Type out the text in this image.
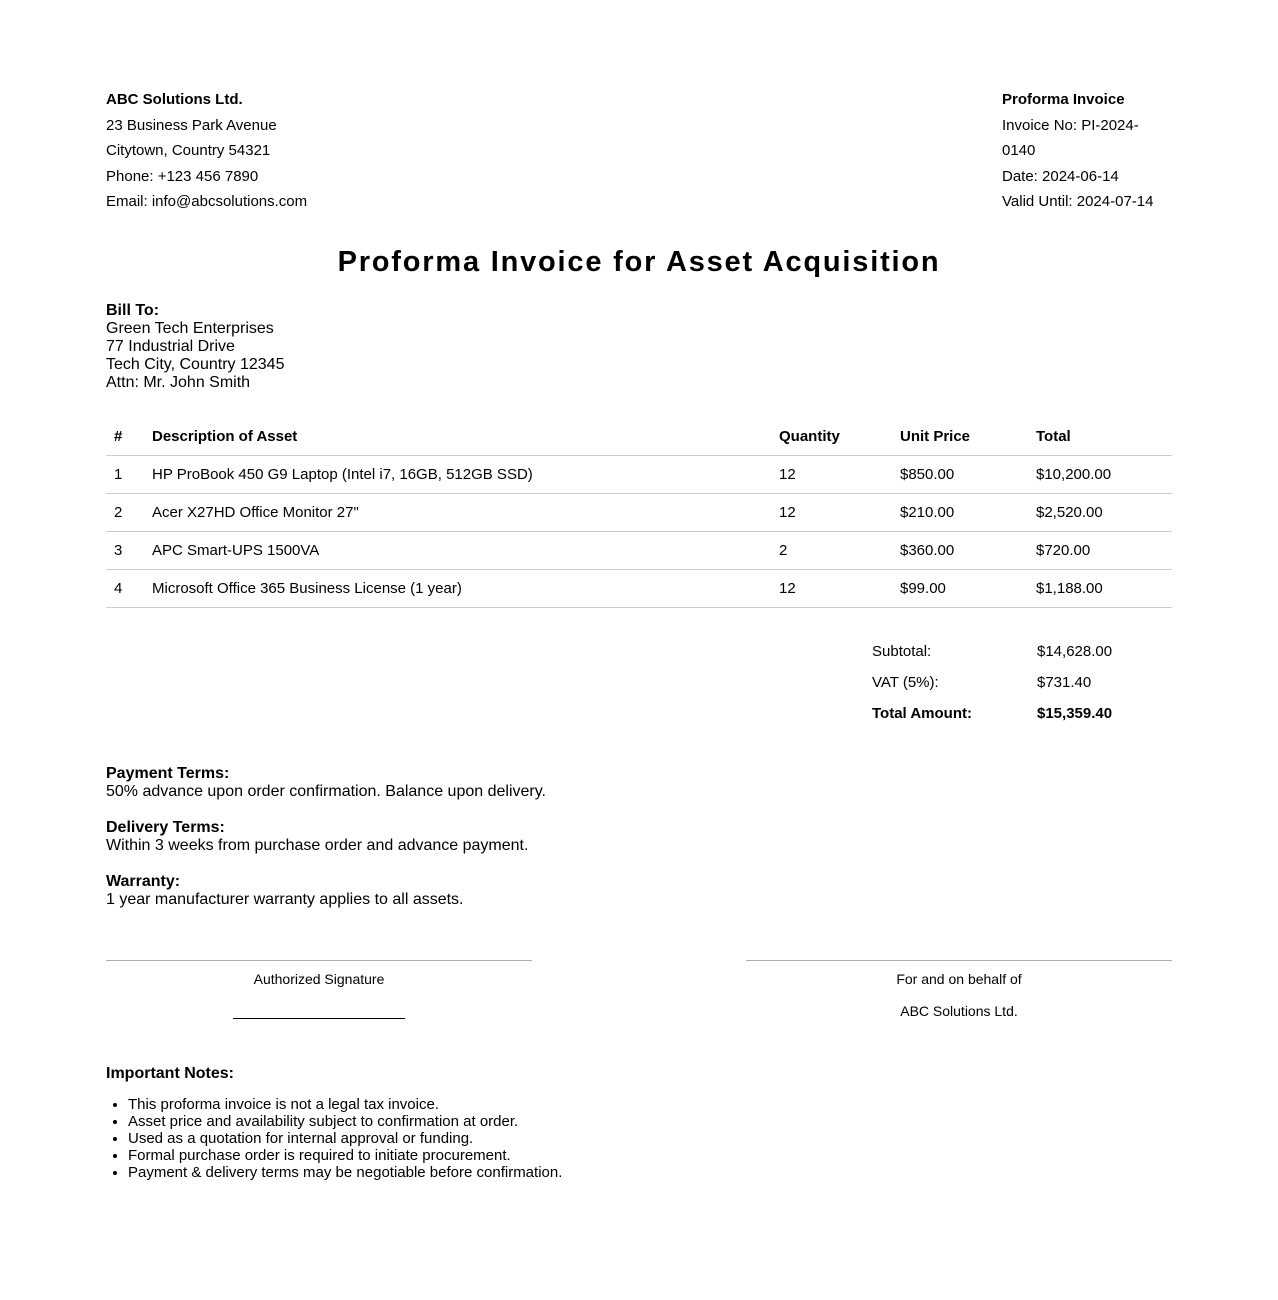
ABC Solutions Ltd.
23 Business Park Avenue
Citytown, Country 54321
Phone: +123 456 7890
Email: info@abcsolutions.com
Proforma Invoice
Invoice No: PI-2024-0140
Date: 2024-06-14
Valid Until: 2024-07-14
Proforma Invoice for Asset Acquisition
Bill To:
Green Tech Enterprises
77 Industrial Drive
Tech City, Country 12345
Attn: Mr. John Smith
#	Description of Asset	Quantity	Unit Price	Total
1	HP ProBook 450 G9 Laptop (Intel i7, 16GB, 512GB SSD)	12	$850.00	$10,200.00
2	Acer X27HD Office Monitor 27"	12	$210.00	$2,520.00
3	APC Smart-UPS 1500VA	2	$360.00	$720.00
4	Microsoft Office 365 Business License (1 year)	12	$99.00	$1,188.00
Subtotal:	$14,628.00
VAT (5%):	$731.40
Total Amount:	$15,359.40
Payment Terms:
50% advance upon order confirmation. Balance upon delivery.
Delivery Terms:
Within 3 weeks from purchase order and advance payment.
Warranty:
1 year manufacturer warranty applies to all assets.
Authorized Signature	For and on behalf of
ABC Solutions Ltd.
Important Notes:
• This proforma invoice is not a legal tax invoice.
• Asset price and availability subject to confirmation at order.
• Used as a quotation for internal approval or funding.
• Formal purchase order is required to initiate procurement.
• Payment & delivery terms may be negotiable before confirmation.
